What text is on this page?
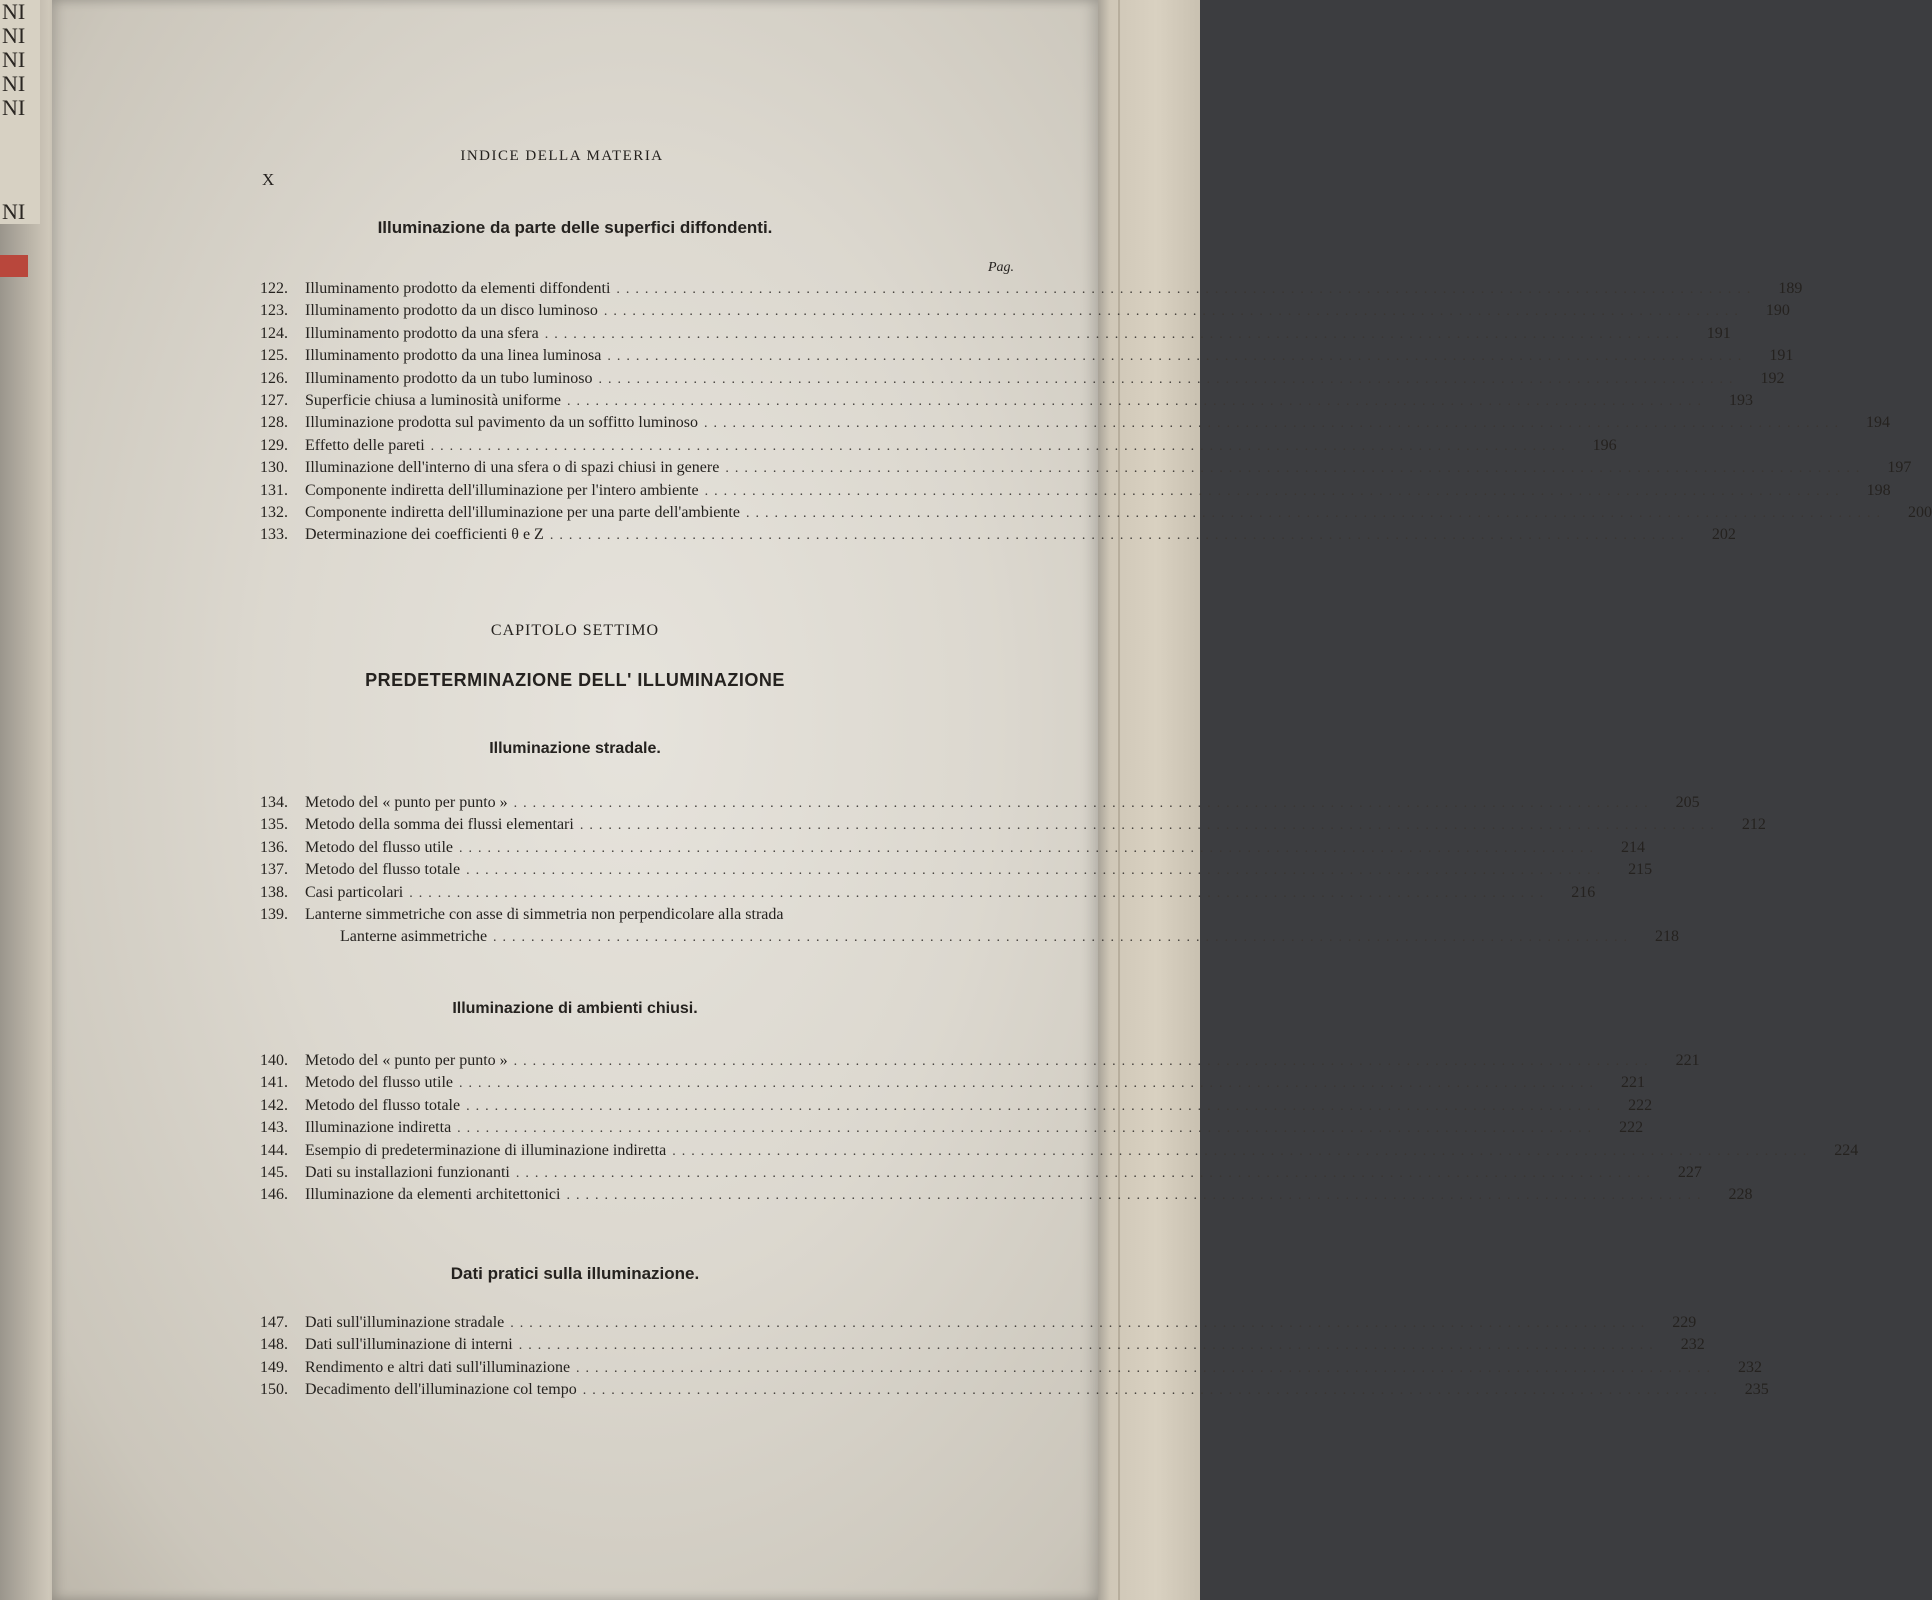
NI
NI
NI
NI
NI
NI
INDICE DELLA MATERIA
X
Illuminazione da parte delle superfici diffondenti.
Pag.
122.	Illuminamento prodotto da elementi diffondenti ........................................................................................................................	189
123.	Illuminamento prodotto da un disco luminoso ........................................................................................................................	190
124.	Illuminamento prodotto da una sfera ........................................................................................................................	191
125.	Illuminamento prodotto da una linea luminosa ........................................................................................................................	191
126.	Illuminamento prodotto da un tubo luminoso ........................................................................................................................	192
127.	Superficie chiusa a luminosità uniforme ........................................................................................................................	193
128.	Illuminazione prodotta sul pavimento da un soffitto luminoso ........................................................................................................................	194
129.	Effetto delle pareti ........................................................................................................................	196
130.	Illuminazione dell'interno di una sfera o di spazi chiusi in genere ........................................................................................................................	197
131.	Componente indiretta dell'illuminazione per l'intero ambiente ........................................................................................................................	198
132.	Componente indiretta dell'illuminazione per una parte dell'ambiente ........................................................................................................................	200
133.	Determinazione dei coefficienti θ e Z ........................................................................................................................	202
CAPITOLO SETTIMO
PREDETERMINAZIONE DELL' ILLUMINAZIONE
Illuminazione stradale.
134.	Metodo del « punto per punto » ........................................................................................................................	205
135.	Metodo della somma dei flussi elementari ........................................................................................................................	212
136.	Metodo del flusso utile ........................................................................................................................	214
137.	Metodo del flusso totale ........................................................................................................................	215
138.	Casi particolari ........................................................................................................................	216
139.	Lanterne simmetriche con asse di simmetria non perpendicolare alla strada
Lanterne asimmetriche ........................................................................................................................	218
Illuminazione di ambienti chiusi.
140.	Metodo del « punto per punto » ........................................................................................................................	221
141.	Metodo del flusso utile ........................................................................................................................	221
142.	Metodo del flusso totale ........................................................................................................................	222
143.	Illuminazione indiretta ........................................................................................................................	222
144.	Esempio di predeterminazione di illuminazione indiretta ........................................................................................................................	224
145.	Dati su installazioni funzionanti ........................................................................................................................	227
146.	Illuminazione da elementi architettonici ........................................................................................................................	228
Dati pratici sulla illuminazione.
147.	Dati sull'illuminazione stradale ........................................................................................................................	229
148.	Dati sull'illuminazione di interni ........................................................................................................................	232
149.	Rendimento e altri dati sull'illuminazione ........................................................................................................................	232
150.	Decadimento dell'illuminazione col tempo ........................................................................................................................	235
